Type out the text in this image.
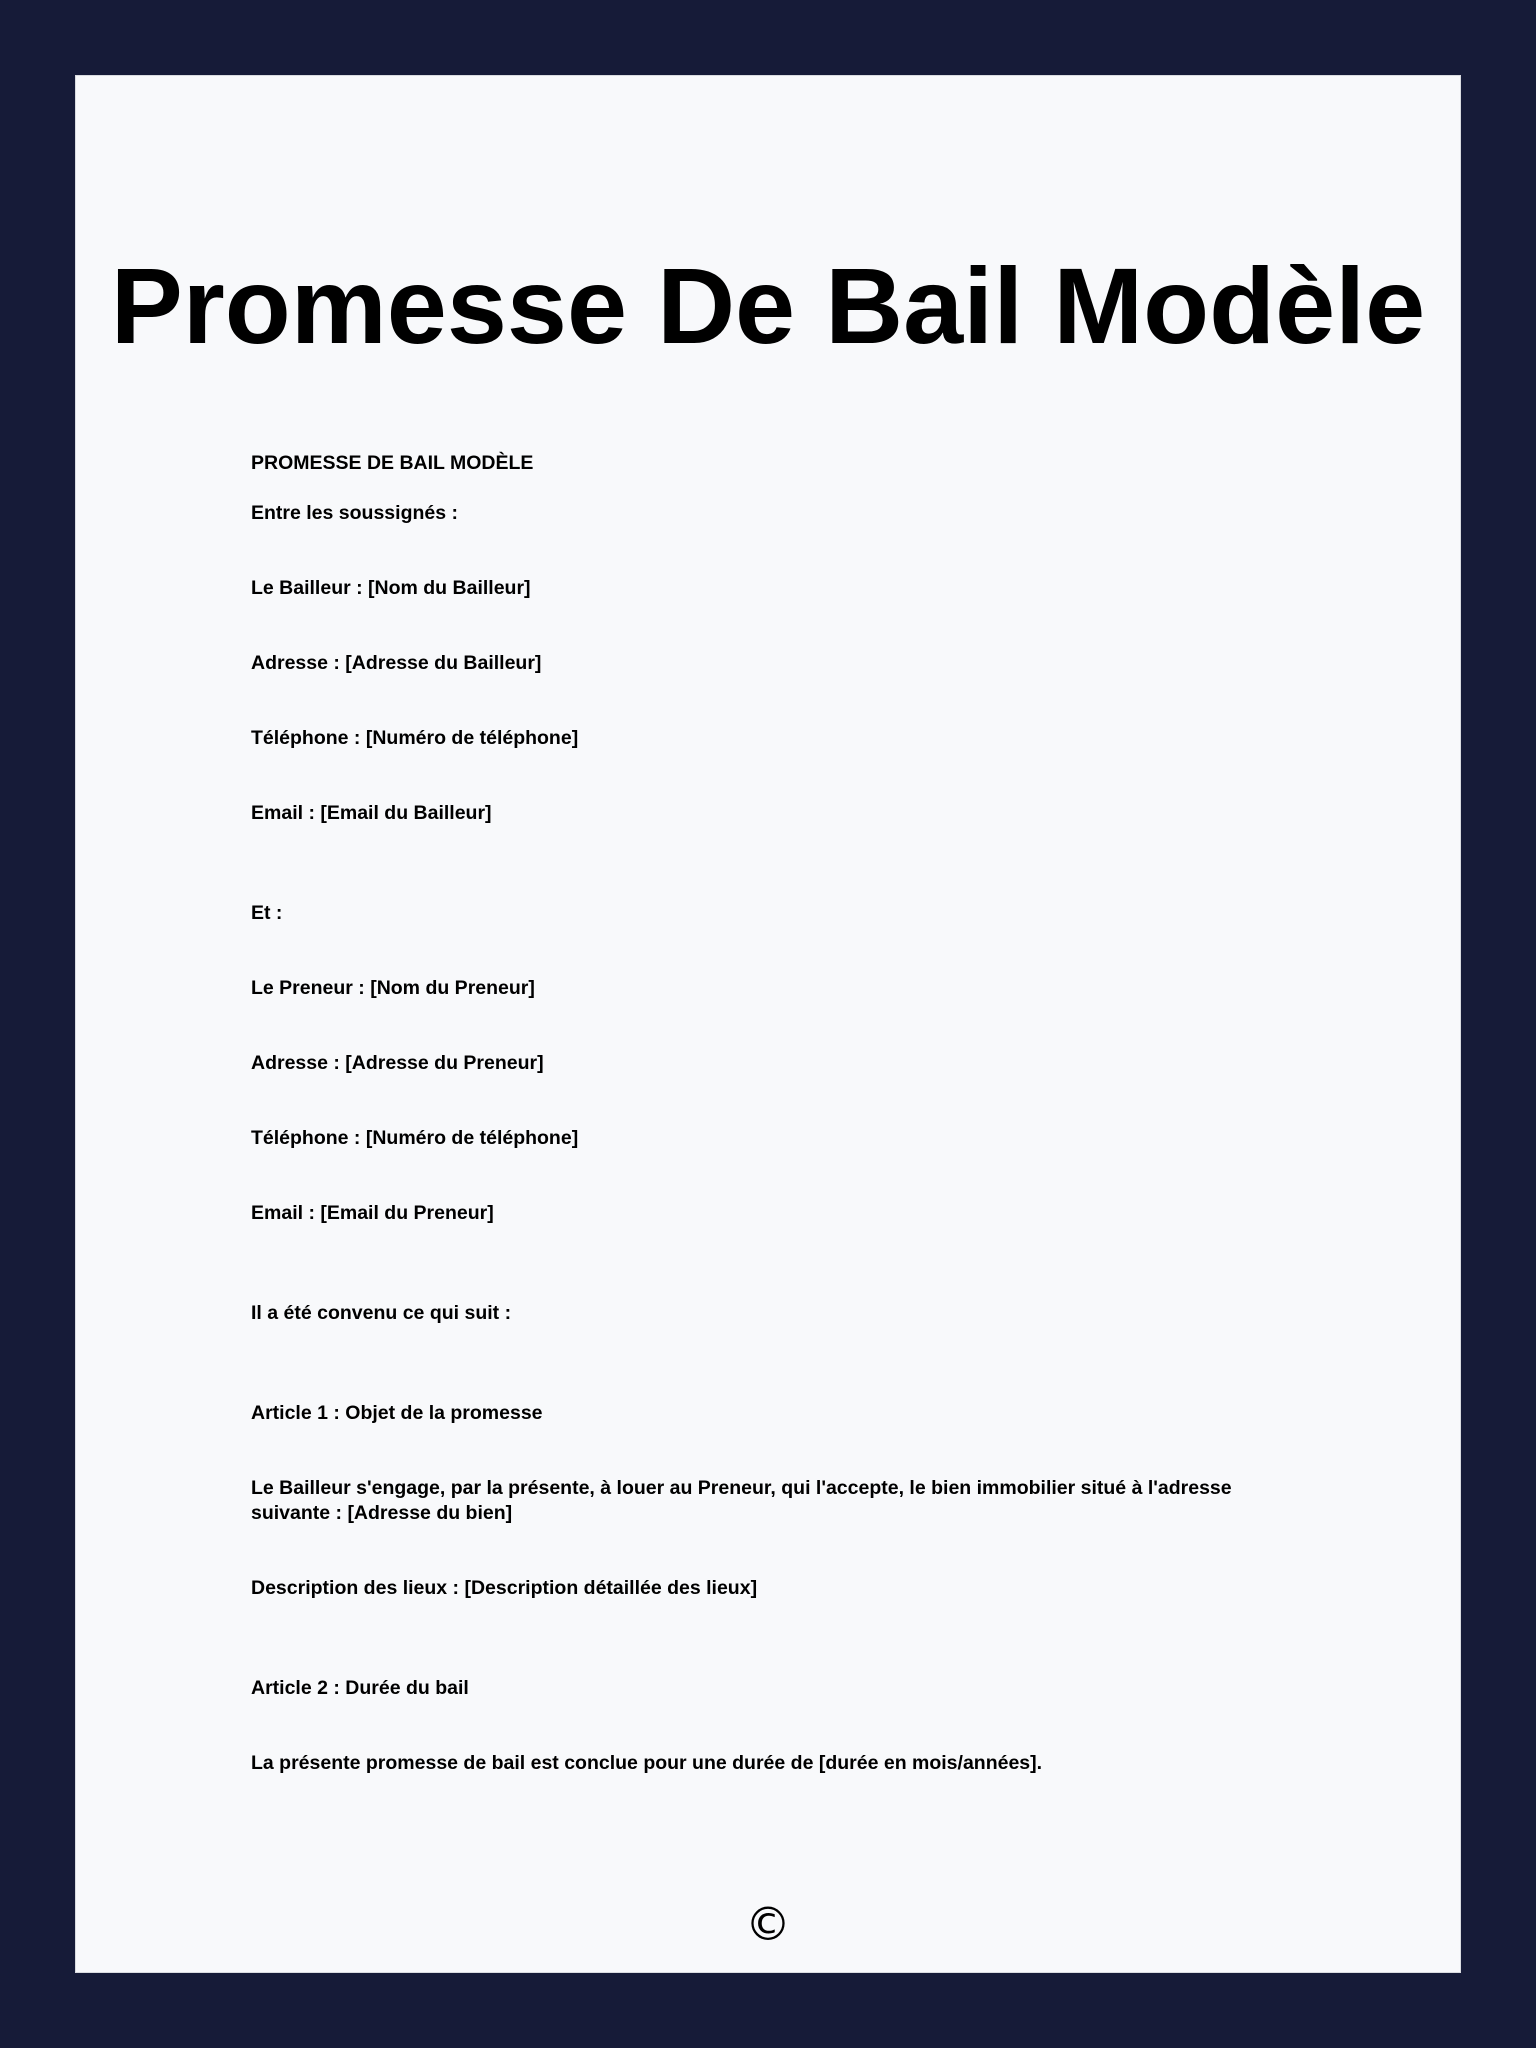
Promesse De Bail Modèle

PROMESSE DE BAIL MODÈLE

Entre les soussignés :

Le Bailleur : [Nom du Bailleur]

Adresse : [Adresse du Bailleur]

Téléphone : [Numéro de téléphone]

Email : [Email du Bailleur]

Et :

Le Preneur : [Nom du Preneur]

Adresse : [Adresse du Preneur]

Téléphone : [Numéro de téléphone]

Email : [Email du Preneur]

Il a été convenu ce qui suit :

Article 1 : Objet de la promesse

Le Bailleur s'engage, par la présente, à louer au Preneur, qui l'accepte, le bien immobilier situé à l'adresse suivante : [Adresse du bien]

Description des lieux : [Description détaillée des lieux]

Article 2 : Durée du bail

La présente promesse de bail est conclue pour une durée de [durée en mois/années].

©
